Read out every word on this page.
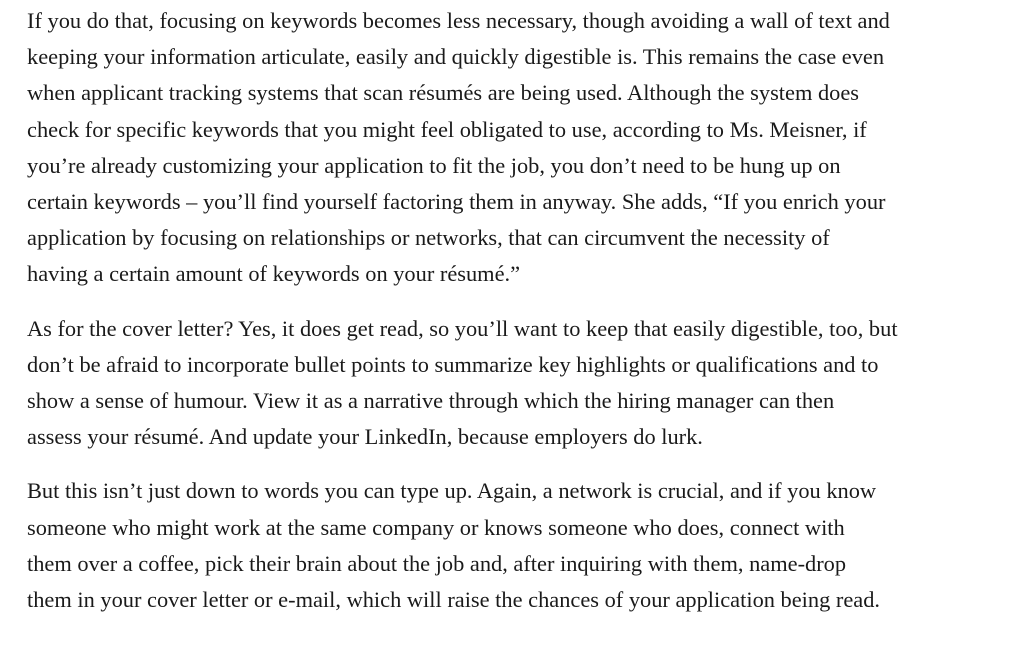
If you do that, focusing on keywords becomes less necessary, though avoiding a wall of text and
keeping your information articulate, easily and quickly digestible is. This remains the case even
when applicant tracking systems that scan résumés are being used. Although the system does
check for specific keywords that you might feel obligated to use, according to Ms. Meisner, if
you’re already customizing your application to fit the job, you don’t need to be hung up on
certain keywords – you’ll find yourself factoring them in anyway. She adds, “If you enrich your
application by focusing on relationships or networks, that can circumvent the necessity of
having a certain amount of keywords on your résumé.”

As for the cover letter? Yes, it does get read, so you’ll want to keep that easily digestible, too, but
don’t be afraid to incorporate bullet points to summarize key highlights or qualifications and to
show a sense of humour. View it as a narrative through which the hiring manager can then
assess your résumé. And update your LinkedIn, because employers do lurk.

But this isn’t just down to words you can type up. Again, a network is crucial, and if you know
someone who might work at the same company or knows someone who does, connect with
them over a coffee, pick their brain about the job and, after inquiring with them, name-drop
them in your cover letter or e-mail, which will raise the chances of your application being read.
